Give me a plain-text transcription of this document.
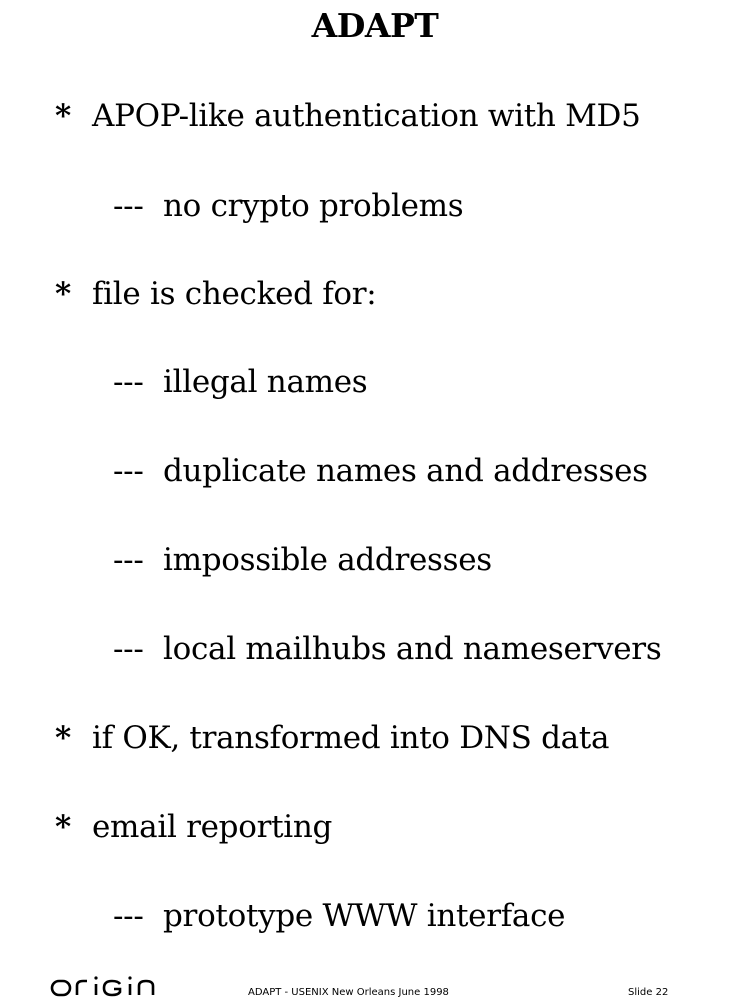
ADAPT
* APOP-like authentication with MD5
--- no crypto problems
* file is checked for:
--- illegal names
--- duplicate names and addresses
--- impossible addresses
--- local mailhubs and nameservers
* if OK, transformed into DNS data
* email reporting
--- prototype WWW interface
ADAPT - USENIX New Orleans June 1998	Slide 22
